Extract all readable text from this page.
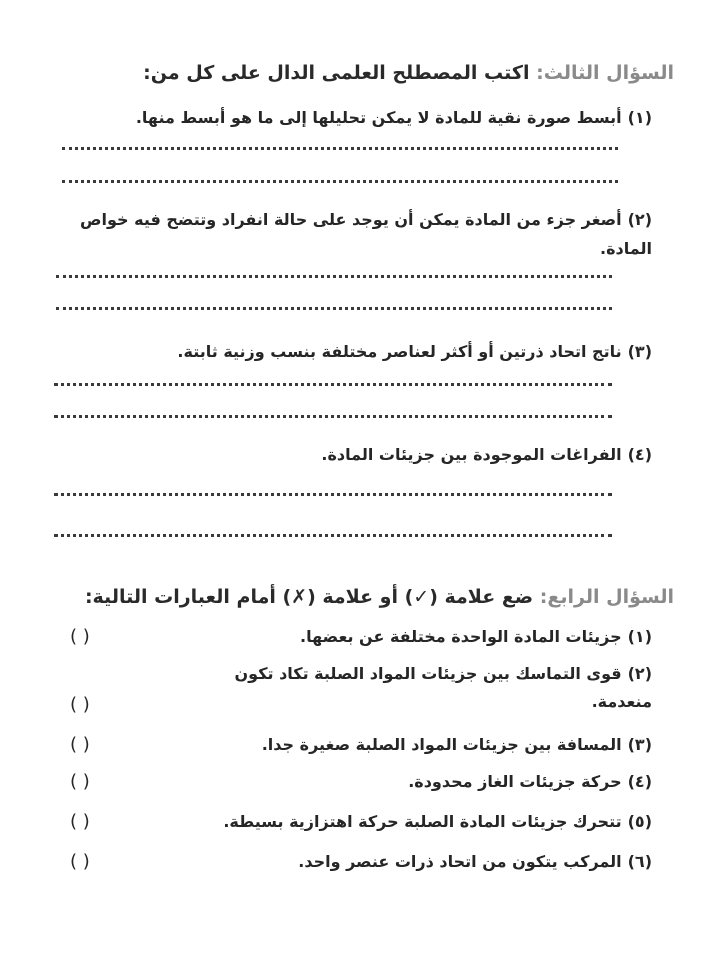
السؤال الثالث: اكتب المصطلح العلمى الدال على كل من:
(١)أبسط صورة نقية للمادة لا يمكن تحليلها إلى ما هو أبسط منها.
(٢)أصغر جزء من المادة يمكن أن يوجد على حالة انفراد وتتضح فيه خواص المادة.
(٣)ناتج اتحاد ذرتين أو أكثر لعناصر مختلفة بنسب وزنية ثابتة.
(٤)الفراغات الموجودة بين جزيئات المادة.
السؤال الرابع: ضع علامة (✓) أو علامة (✗) أمام العبارات التالية:
(١)جزيئات المادة الواحدة مختلفة عن بعضها.
( )
(٢)قوى التماسك بين جزيئات المواد الصلبة تكاد تكون منعدمة.
( )
(٣)المسافة بين جزيئات المواد الصلبة صغيرة جدا.
( )
(٤)حركة جزيئات الغاز محدودة.
( )
(٥)تتحرك جزيئات المادة الصلبة حركة اهتزازية بسيطة.
( )
(٦)المركب يتكون من اتحاد ذرات عنصر واحد.
( )
